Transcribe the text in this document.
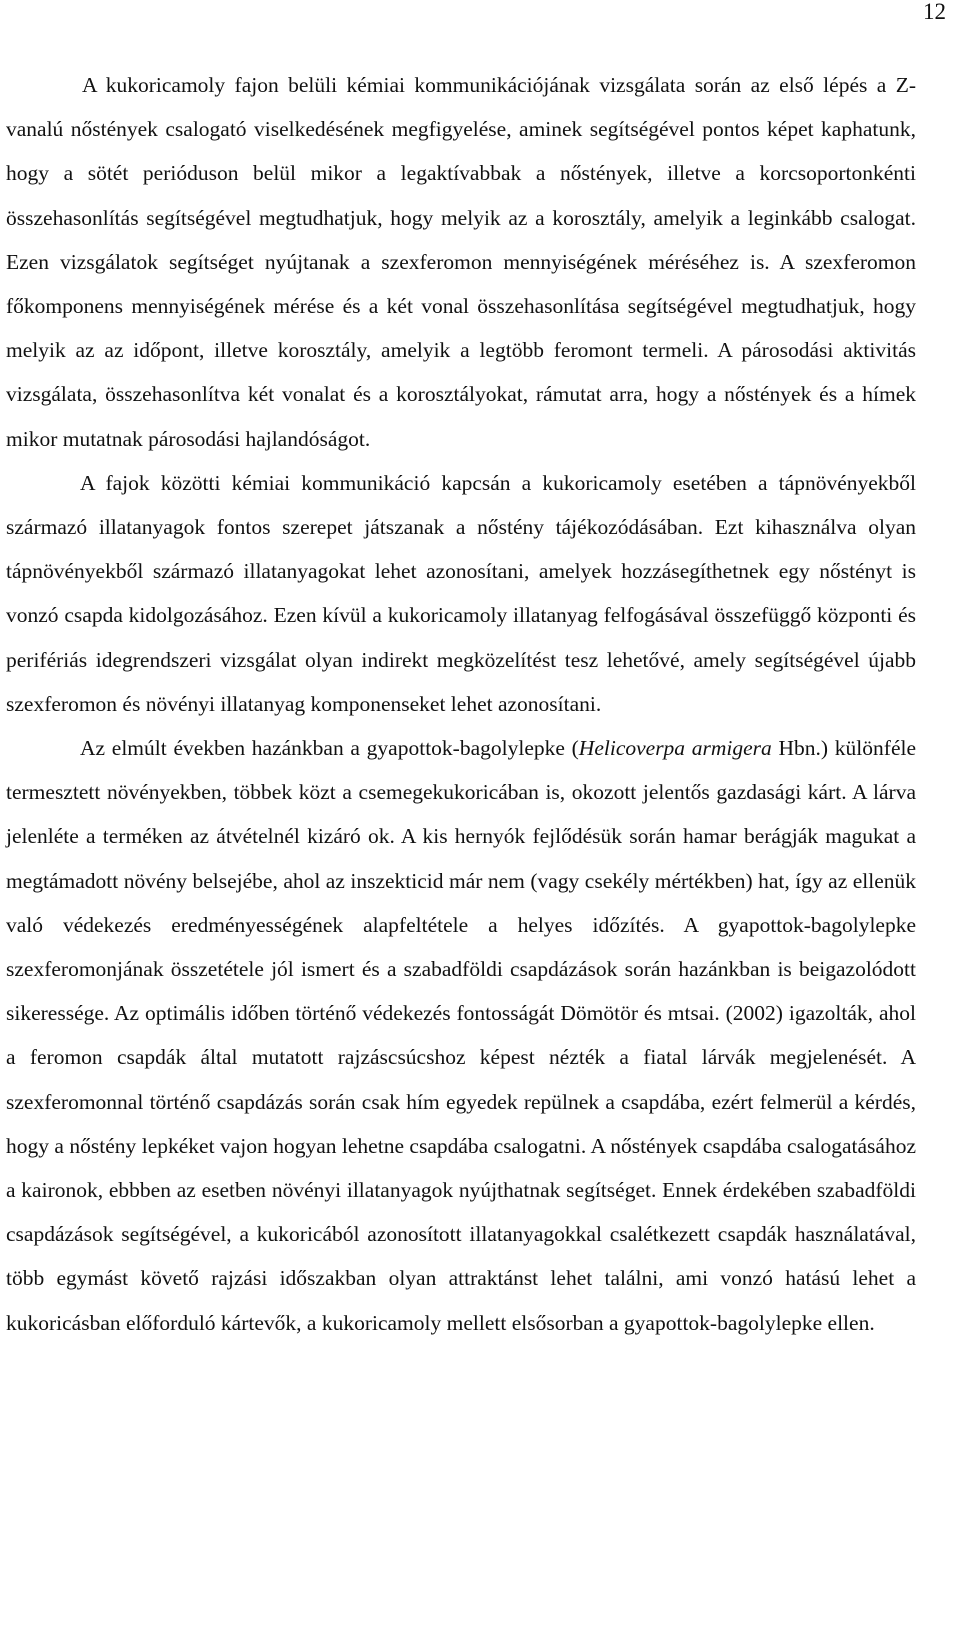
12

A kukoricamoly fajon belüli kémiai kommunikációjának vizsgálata során az első lépés a Z-vanalú nőstények csalogató viselkedésének megfigyelése, aminek segítségével pontos képet kaphatunk, hogy a sötét perióduson belül mikor a legaktívabbak a nőstények, illetve a korcsoportonkénti összehasonlítás segítségével megtudhatjuk, hogy melyik az a korosztály, amelyik a leginkább csalogat. Ezen vizsgálatok segítséget nyújtanak a szexferomon mennyiségének méréséhez is. A szexferomon főkomponens mennyiségének mérése és a két vonal összehasonlítása segítségével megtudhatjuk, hogy melyik az az időpont, illetve korosztály, amelyik a legtöbb feromont termeli. A párosodási aktivitás vizsgálata, összehasonlítva két vonalat és a korosztályokat, rámutat arra, hogy a nőstények és a hímek mikor mutatnak párosodási hajlandóságot.

A fajok közötti kémiai kommunikáció kapcsán a kukoricamoly esetében a tápnövényekből származó illatanyagok fontos szerepet játszanak a nőstény tájékozódásában. Ezt kihasználva olyan tápnövényekből származó illatanyagokat lehet azonosítani, amelyek hozzásegíthetnek egy nőstényt is vonzó csapda kidolgozásához. Ezen kívül a kukoricamoly illatanyag felfogásával összefüggő központi és perifériás idegrendszeri vizsgálat olyan indirekt megközelítést tesz lehetővé, amely segítségével újabb szexferomon és növényi illatanyag komponenseket lehet azonosítani.

Az elmúlt években hazánkban a gyapottok-bagolylepke (Helicoverpa armigera Hbn.) különféle termesztett növényekben, többek közt a csemegekukoricában is, okozott jelentős gazdasági kárt. A lárva jelenléte a terméken az átvételnél kizáró ok. A kis hernyók fejlődésük során hamar berágják magukat a megtámadott növény belsejébe, ahol az inszekticid már nem (vagy csekély mértékben) hat, így az ellenük való védekezés eredményességének alapfeltétele a helyes időzítés. A gyapottok-bagolylepke szexferomonjának összetétele jól ismert és a szabadföldi csapdázások során hazánkban is beigazolódott sikeressége. Az optimális időben történő védekezés fontosságát Dömötör és mtsai. (2002) igazolták, ahol a feromon csapdák által mutatott rajzáscsúcshoz képest nézték a fiatal lárvák megjelenését. A szexferomonnal történő csapdázás során csak hím egyedek repülnek a csapdába, ezért felmerül a kérdés, hogy a nőstény lepkéket vajon hogyan lehetne csapdába csalogatni. A nőstények csapdába csalogatásához a kaironok, ebbben az esetben növényi illatanyagok nyújthatnak segítséget. Ennek érdekében szabadföldi csapdázások segítségével, a kukoricából azonosított illatanyagokkal csalétkezett csapdák használatával, több egymást követő rajzási időszakban olyan attraktánst lehet találni, ami vonzó hatású lehet a kukoricásban előforduló kártevők, a kukoricamoly mellett elsősorban a gyapottok-bagolylepke ellen.
